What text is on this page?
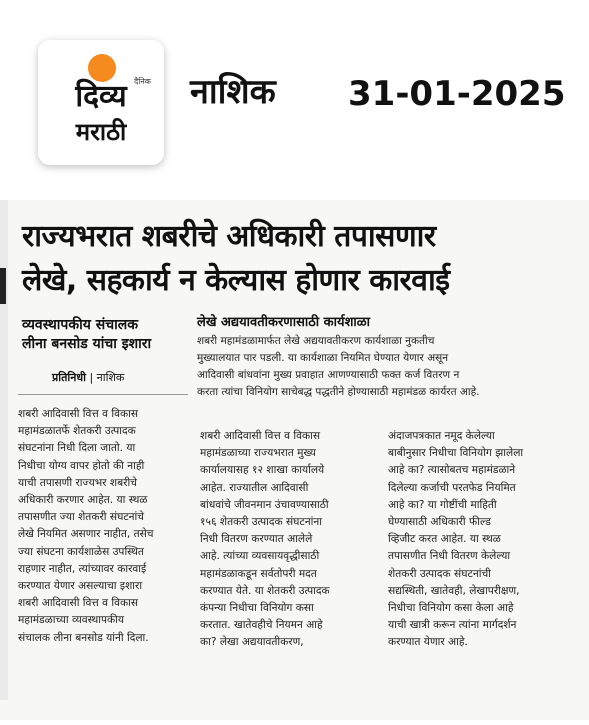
दैनिक
दिव्य
मराठी
नाशिक 31-01-2025
राज्यभरात शबरीचे अधिकारी तपासणार
लेखे, सहकार्य न केल्यास होणार कारवाई
व्यवस्थापकीय संचालक
लीना बनसोड यांचा इशारा
लेखे अद्ययावतीकरणासाठी कार्यशाळा
शबरी महामंडळामार्फत लेखे अद्ययावतीकरण कार्यशाळा नुकतीच
मुख्यालयात पार पडली. या कार्यशाळा नियमित घेण्यात येणार असून
आदिवासी बांधवांना मुख्य प्रवाहात आणण्यासाठी फक्त कर्ज वितरण न
करता त्यांचा विनियोग साचेबद्ध पद्धतीने होण्यासाठी महामंडळ कार्यरत आहे.
प्रतिनिधी | नाशिक

शबरी आदिवासी वित्त व विकास

महामंडळातर्फे शेतकरी उत्पादक

संघटनांना निधी दिला जातो. या

निधीचा योग्य वापर होतो की नाही

याची तपासणी राज्यभर शबरीचे

अधिकारी करणार आहेत. या स्थळ

तपासणीत ज्या शेतकरी संघटनांचे

लेखे नियमित असणार नाहीत, तसेच

ज्या संघटना कार्यशाळेस उपस्थित

राहणार नाहीत, त्यांच्यावर कारवाई

करण्यात येणार असल्याचा इशारा

शबरी आदिवासी वित्त व विकास

महामंडळाच्या व्यवस्थापकीय

संचालक लीना बनसोड यांनी दिला.

शबरी आदिवासी वित्त व विकास

महामंडळाच्या राज्यभरात मुख्य

कार्यालयासह १२ शाखा कार्यालये

आहेत. राज्यातील आदिवासी

बांधवांचे जीवनमान उंचावण्यासाठी

१५६ शेतकरी उत्पादक संघटनांना

निधी वितरण करण्यात आलेले

आहे. त्यांच्या व्यवसायवृद्धीसाठी

महामंडळाकडून सर्वतोपरी मदत

करण्यात येते. या शेतकरी उत्पादक

कंपन्या निधीचा विनियोग कसा

करतात. खातेवहीचे नियमन आहे

का? लेखा अद्ययावतीकरण,

अंदाजपत्रकात नमूद केलेल्या

बाबीनुसार निधीचा विनियोग झालेला

आहे का? त्यासोबतच महामंडळाने

दिलेल्या कर्जाची परतफेड नियमित

आहे का? या गोष्टींची माहिती

घेण्यासाठी अधिकारी फील्ड

व्हिजीट करत आहेत. या स्थळ

तपासणीत निधी वितरण केलेल्या

शेतकरी उत्पादक संघटनांची

सद्यस्थिती, खातेवही, लेखापरीक्षण,

निधीचा विनियोग कसा केला आहे

याची खात्री करून त्यांना मार्गदर्शन

करण्यात येणार आहे.
